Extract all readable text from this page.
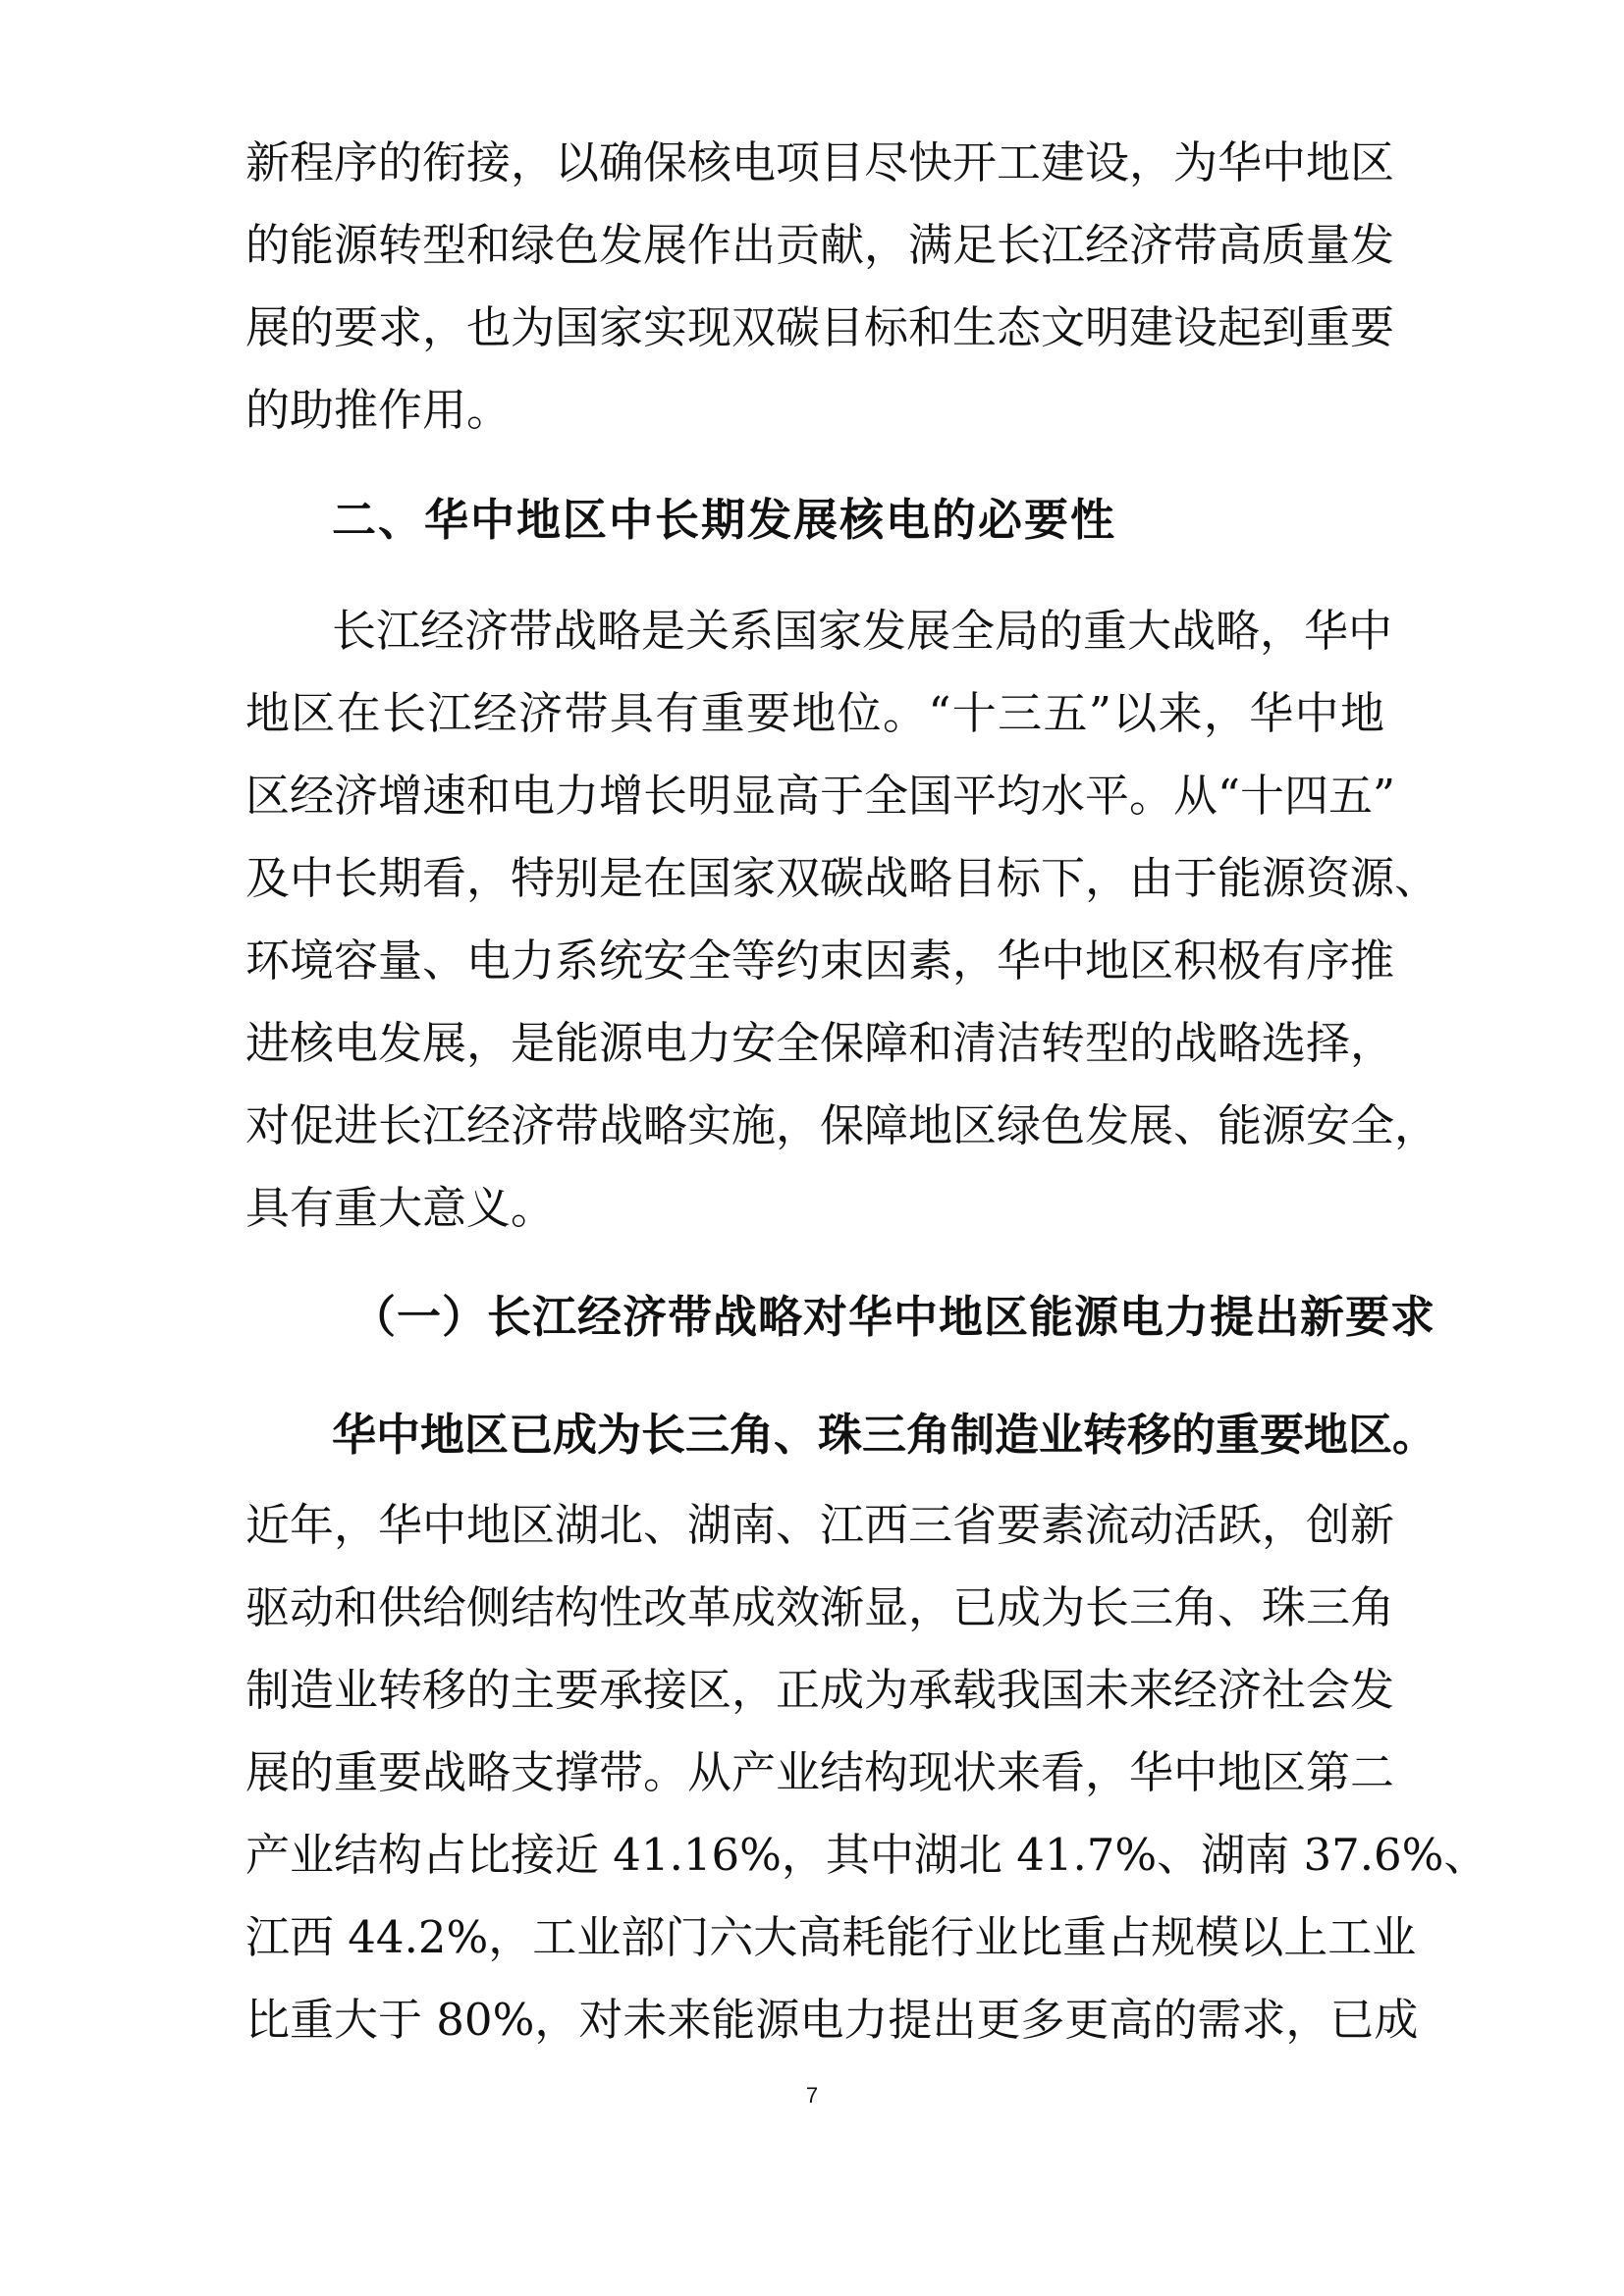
新程序的衔接，以确保核电项目尽快开工建设，为华中地区
的能源转型和绿色发展作出贡献，满足长江经济带高质量发
展的要求，也为国家实现双碳目标和生态文明建设起到重要
的助推作用。
二、华中地区中长期发展核电的必要性
长江经济带战略是关系国家发展全局的重大战略，华中
地区在长江经济带具有重要地位。“十三五”以来，华中地
区经济增速和电力增长明显高于全国平均水平。从“十四五”
及中长期看，特别是在国家双碳战略目标下，由于能源资源、
环境容量、电力系统安全等约束因素，华中地区积极有序推
进核电发展，是能源电力安全保障和清洁转型的战略选择，
对促进长江经济带战略实施，保障地区绿色发展、能源安全，
具有重大意义。
（一）长江经济带战略对华中地区能源电力提出新要求
华中地区已成为长三角、珠三角制造业转移的重要地区。
近年，华中地区湖北、湖南、江西三省要素流动活跃，创新
驱动和供给侧结构性改革成效渐显，已成为长三角、珠三角
制造业转移的主要承接区，正成为承载我国未来经济社会发
展的重要战略支撑带。从产业结构现状来看，华中地区第二
产业结构占比接近 41.16%，其中湖北 41.7%、湖南 37.6%、
江西 44.2%，工业部门六大高耗能行业比重占规模以上工业
比重大于 80%，对未来能源电力提出更多更高的需求，已成
7
